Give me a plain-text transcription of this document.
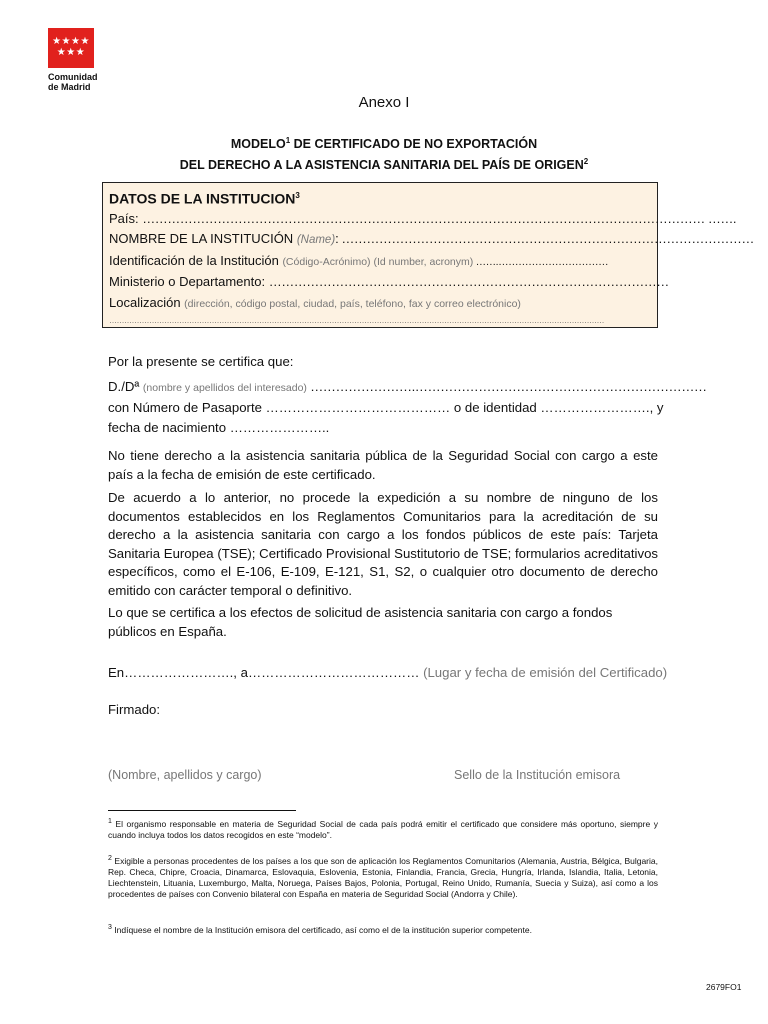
★★★★
★★★
Comunidad
de Madrid
Anexo I
MODELO$^1$ DE CERTIFICADO DE NO EXPORTACIÓN
DEL DERECHO A LA ASISTENCIA SANITARIA DEL PAÍS DE ORIGEN$^2$
DATOS DE LA INSTITUCION$^3$
País: ……………………………………………………………………………………………………………………… …….
NOMBRE DE LA INSTITUCIÓN (Name): ………………………………………………………………………………………
Identificación de la Institución (Código-Acrónimo) (Id number, acronym) …….……………………………
Ministerio o Departamento: ……………………………………………………………………………………
Localización (dirección, código postal, ciudad, país, teléfono, fax y correo electrónico)
………………………………………………………………………………………………………………………………………………………………………………
Por la presente se certifica que:
D./Dª (nombre y apellidos del interesado) …………………….……………………………………………………………
con Número de Pasaporte …………………………………… o de identidad ……………………., y
fecha de nacimiento …………………..
No tiene derecho a la asistencia sanitaria pública de la Seguridad Social con cargo a este país a la fecha de emisión de este certificado.
De acuerdo a lo anterior, no procede la expedición a su nombre de ninguno de los documentos establecidos en los Reglamentos Comunitarios para la acreditación de su derecho a la asistencia sanitaria con cargo a los fondos públicos de este país: Tarjeta Sanitaria Europea (TSE); Certificado Provisional Sustitutorio de TSE; formularios acreditativos específicos, como el E-106, E-109, E-121, S1, S2, o cualquier otro documento de derecho emitido con carácter temporal o definitivo.
Lo que se certifica a los efectos de solicitud de asistencia sanitaria con cargo a fondos públicos en España.
En……………………., a………………………………… (Lugar y fecha de emisión del Certificado)
Firmado:
(Nombre, apellidos y cargo)	Sello de la Institución emisora
$^1$ El organismo responsable en materia de Seguridad Social de cada país podrá emitir el certificado que considere más oportuno, siempre y cuando incluya todos los datos recogidos en este “modelo”.
$^2$ Exigible a personas procedentes de los países a los que son de aplicación los Reglamentos Comunitarios (Alemania, Austria, Bélgica, Bulgaria, Rep. Checa, Chipre, Croacia, Dinamarca, Eslovaquia, Eslovenia, Estonia, Finlandia, Francia, Grecia, Hungría, Irlanda, Islandia, Italia, Letonia, Liechtenstein, Lituania, Luxemburgo, Malta, Noruega, Países Bajos, Polonia, Portugal, Reino Unido, Rumanía, Suecia y Suiza), así como a los procedentes de países con Convenio bilateral con España en materia de Seguridad Social (Andorra y Chile).
$^3$ Indíquese el nombre de la Institución emisora del certificado, así como el de la institución superior competente.
2679FO1
